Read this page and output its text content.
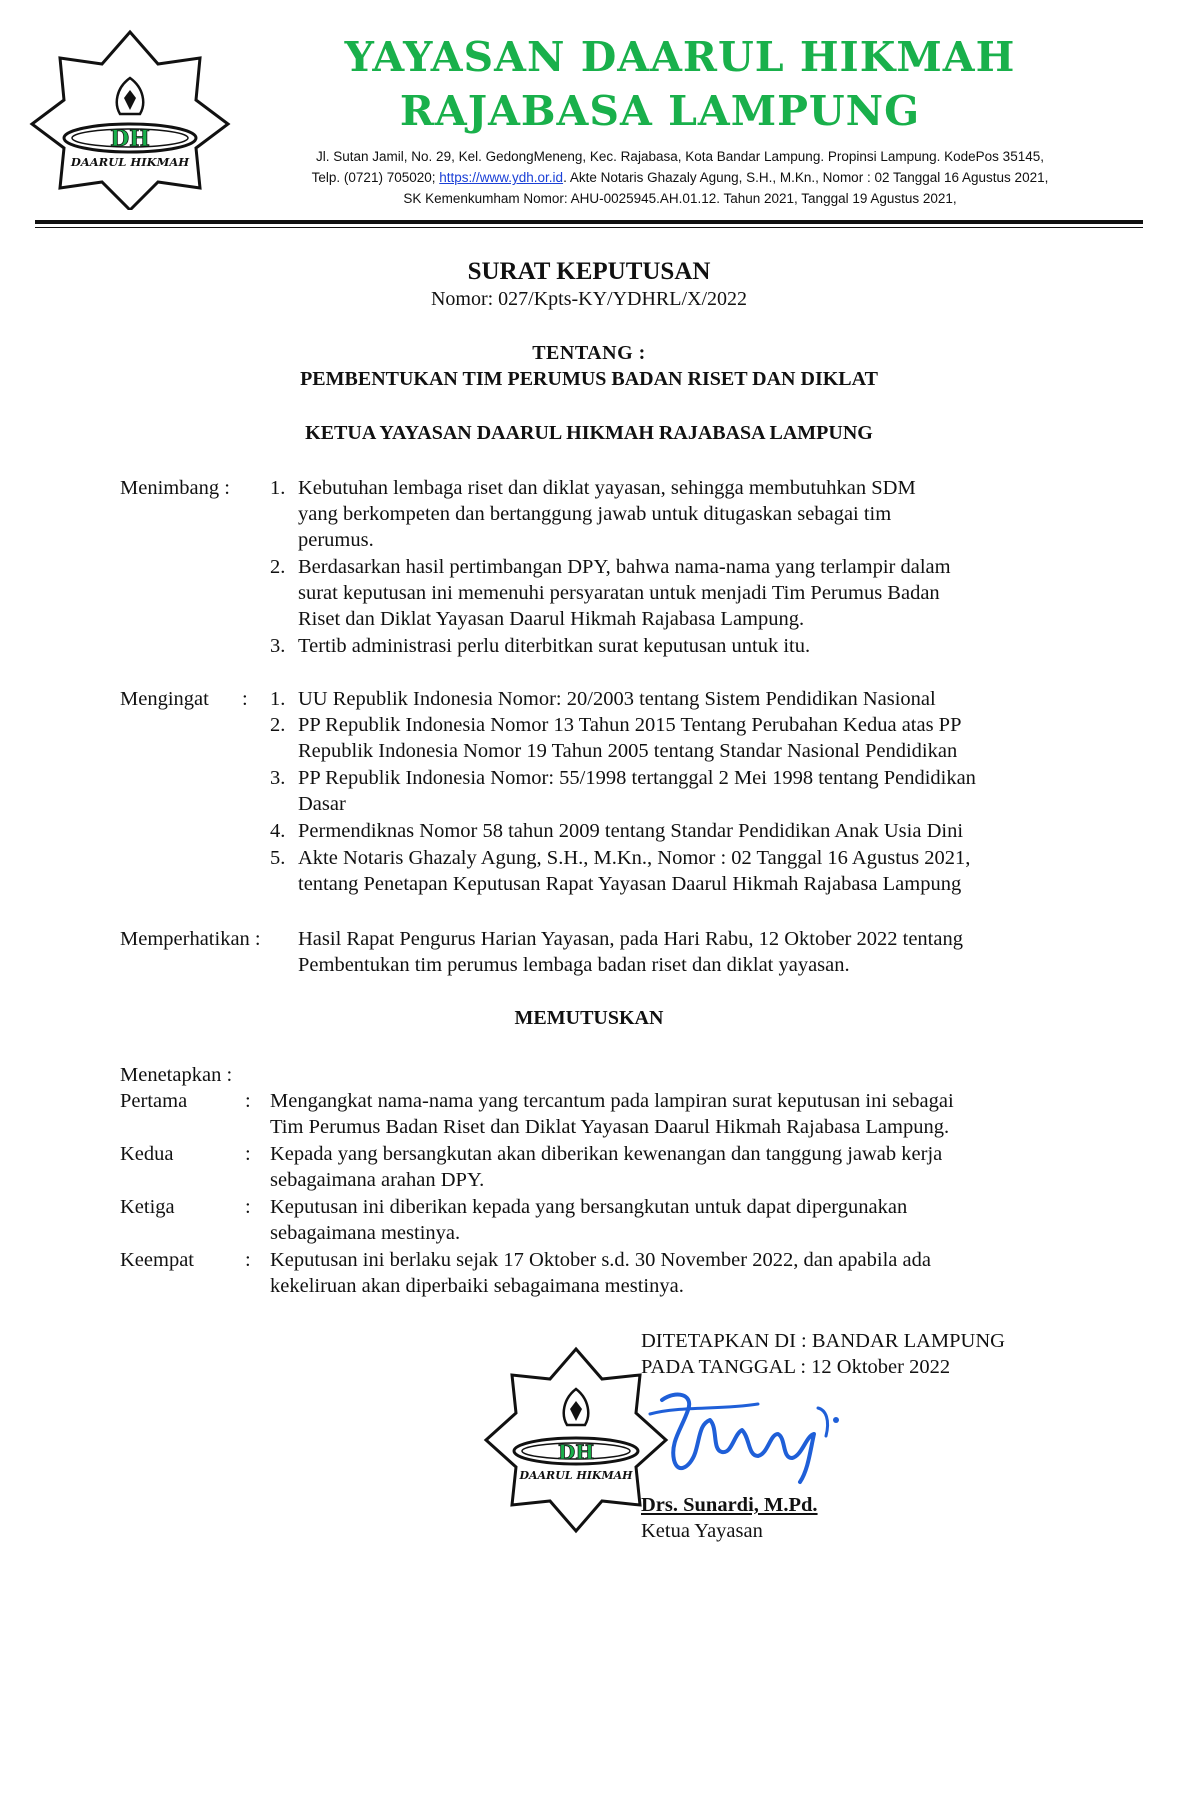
DH
DAARUL HIKMAH
YAYASAN DAARUL HIKMAH
RAJABASA LAMPUNG
Jl. Sutan Jamil, No. 29, Kel. GedongMeneng, Kec. Rajabasa, Kota Bandar Lampung. Propinsi Lampung. KodePos 35145,
Telp. (0721) 705020; https://www.ydh.or.id. Akte Notaris Ghazaly Agung, S.H., M.Kn., Nomor : 02 Tanggal 16 Agustus 2021,
SK Kemenkumham Nomor: AHU-0025945.AH.01.12. Tahun 2021, Tanggal 19 Agustus 2021,
SURAT KEPUTUSAN
Nomor: 027/Kpts-KY/YDHRL/X/2022
TENTANG :
PEMBENTUKAN TIM PERUMUS BADAN RISET DAN DIKLAT
KETUA YAYASAN DAARUL HIKMAH RAJABASA LAMPUNG
Menimbang : 1. Kebutuhan lembaga riset dan diklat yayasan, sehingga membutuhkan SDM
yang berkompeten dan bertanggung jawab untuk ditugaskan sebagai tim
perumus.
2. Berdasarkan hasil pertimbangan DPY, bahwa nama-nama yang terlampir dalam
surat keputusan ini memenuhi persyaratan untuk menjadi Tim Perumus Badan
Riset dan Diklat Yayasan Daarul Hikmah Rajabasa Lampung.
3. Tertib administrasi perlu diterbitkan surat keputusan untuk itu.
Mengingat : 1. UU Republik Indonesia Nomor: 20/2003 tentang Sistem Pendidikan Nasional
2. PP Republik Indonesia Nomor 13 Tahun 2015 Tentang Perubahan Kedua atas PP
Republik Indonesia Nomor 19 Tahun 2005 tentang Standar Nasional Pendidikan
3. PP Republik Indonesia Nomor: 55/1998 tertanggal 2 Mei 1998 tentang Pendidikan
Dasar
4. Permendiknas Nomor 58 tahun 2009 tentang Standar Pendidikan Anak Usia Dini
5. Akte Notaris Ghazaly Agung, S.H., M.Kn., Nomor : 02 Tanggal 16 Agustus 2021,
tentang Penetapan Keputusan Rapat Yayasan Daarul Hikmah Rajabasa Lampung
Memperhatikan : Hasil Rapat Pengurus Harian Yayasan, pada Hari Rabu, 12 Oktober 2022 tentang
Pembentukan tim perumus lembaga badan riset dan diklat yayasan.
MEMUTUSKAN
Menetapkan :
Pertama	: Mengangkat nama-nama yang tercantum pada lampiran surat keputusan ini sebagai
Tim Perumus Badan Riset dan Diklat Yayasan Daarul Hikmah Rajabasa Lampung.
Kedua	: Kepada yang bersangkutan akan diberikan kewenangan dan tanggung jawab kerja
sebagaimana arahan DPY.
Ketiga	: Keputusan ini diberikan kepada yang bersangkutan untuk dapat dipergunakan
sebagaimana mestinya.
Keempat : Keputusan ini berlaku sejak 17 Oktober s.d. 30 November 2022, dan apabila ada
kekeliruan akan diperbaiki sebagaimana mestinya.
DITETAPKAN DI : BANDAR LAMPUNG
PADA TANGGAL : 12 Oktober 2022
DH
DAARUL HIKMAH
Drs. Sunardi, M.Pd.
Ketua Yayasan
